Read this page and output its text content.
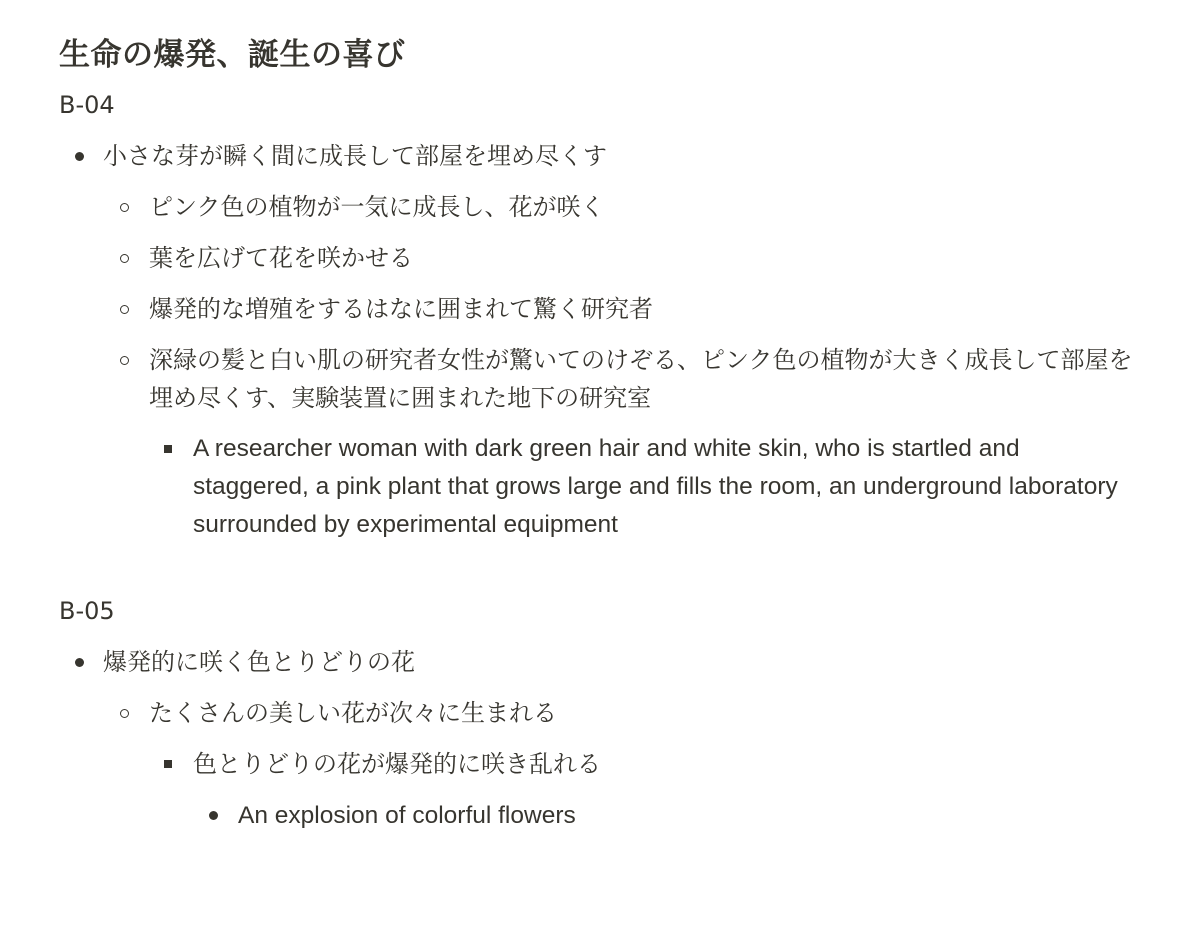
生命の爆発、誕生の喜び
B-04
小さな芽が瞬く間に成長して部屋を埋め尽くす
ピンク色の植物が一気に成長し、花が咲く
葉を広げて花を咲かせる
爆発的な増殖をするはなに囲まれて驚く研究者
深緑の髪と白い肌の研究者女性が驚いてのけぞる、ピンク色の植物が大きく成長して部屋を埋め尽くす、実験装置に囲まれた地下の研究室
A researcher woman with dark green hair and white skin, who is startled and staggered, a pink plant that grows large and fills the room, an underground laboratory surrounded by experimental equipment
B-05
爆発的に咲く色とりどりの花
たくさんの美しい花が次々に生まれる
色とりどりの花が爆発的に咲き乱れる
An explosion of colorful flowers
